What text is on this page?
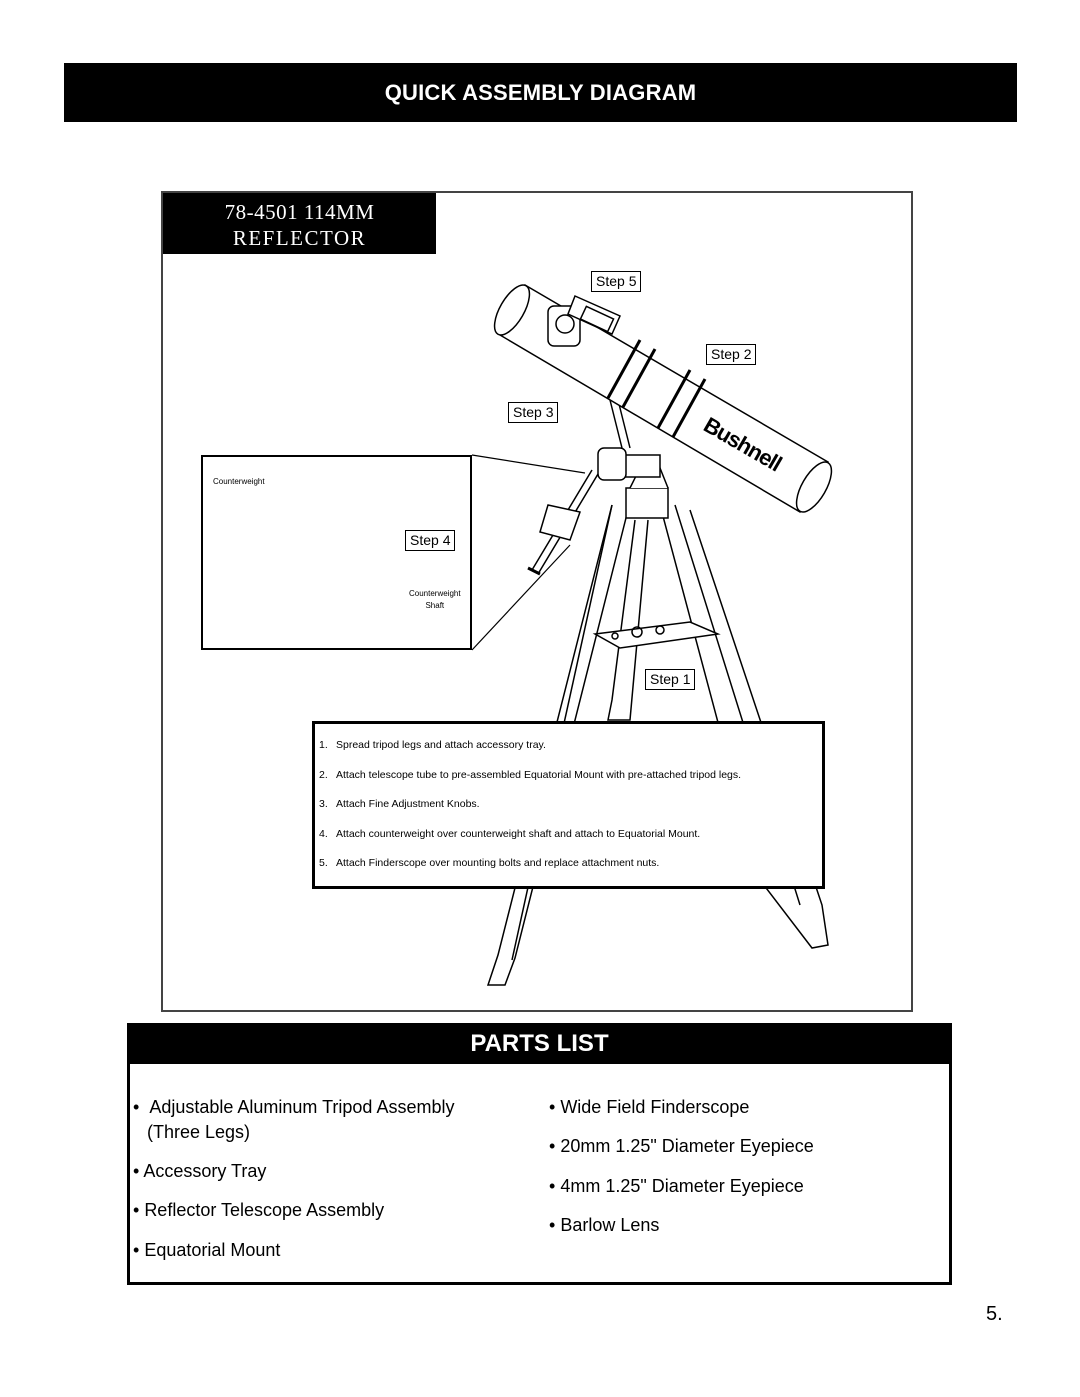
QUICK ASSEMBLY DIAGRAM
78-4501 114MM
REFLECTOR
Bushnell
Step 5
Step 2
Step 3
Step 1
Counterweight
Step 4
Counterweight
Shaft
1. Spread tripod legs and attach accessory tray.
2. Attach telescope tube to pre-assembled Equatorial Mount with pre-attached tripod legs.
3. Attach Fine Adjustment Knobs.
4. Attach counterweight over counterweight shaft and attach to Equatorial Mount.
5. Attach Finderscope over mounting bolts and replace attachment nuts.
PARTS LIST
•  Adjustable Aluminum Tripod Assembly
(Three Legs)
• Accessory Tray
• Reflector Telescope Assembly
• Equatorial Mount
• Wide Field Finderscope
• 20mm 1.25" Diameter Eyepiece
• 4mm 1.25" Diameter Eyepiece
• Barlow Lens
5.
